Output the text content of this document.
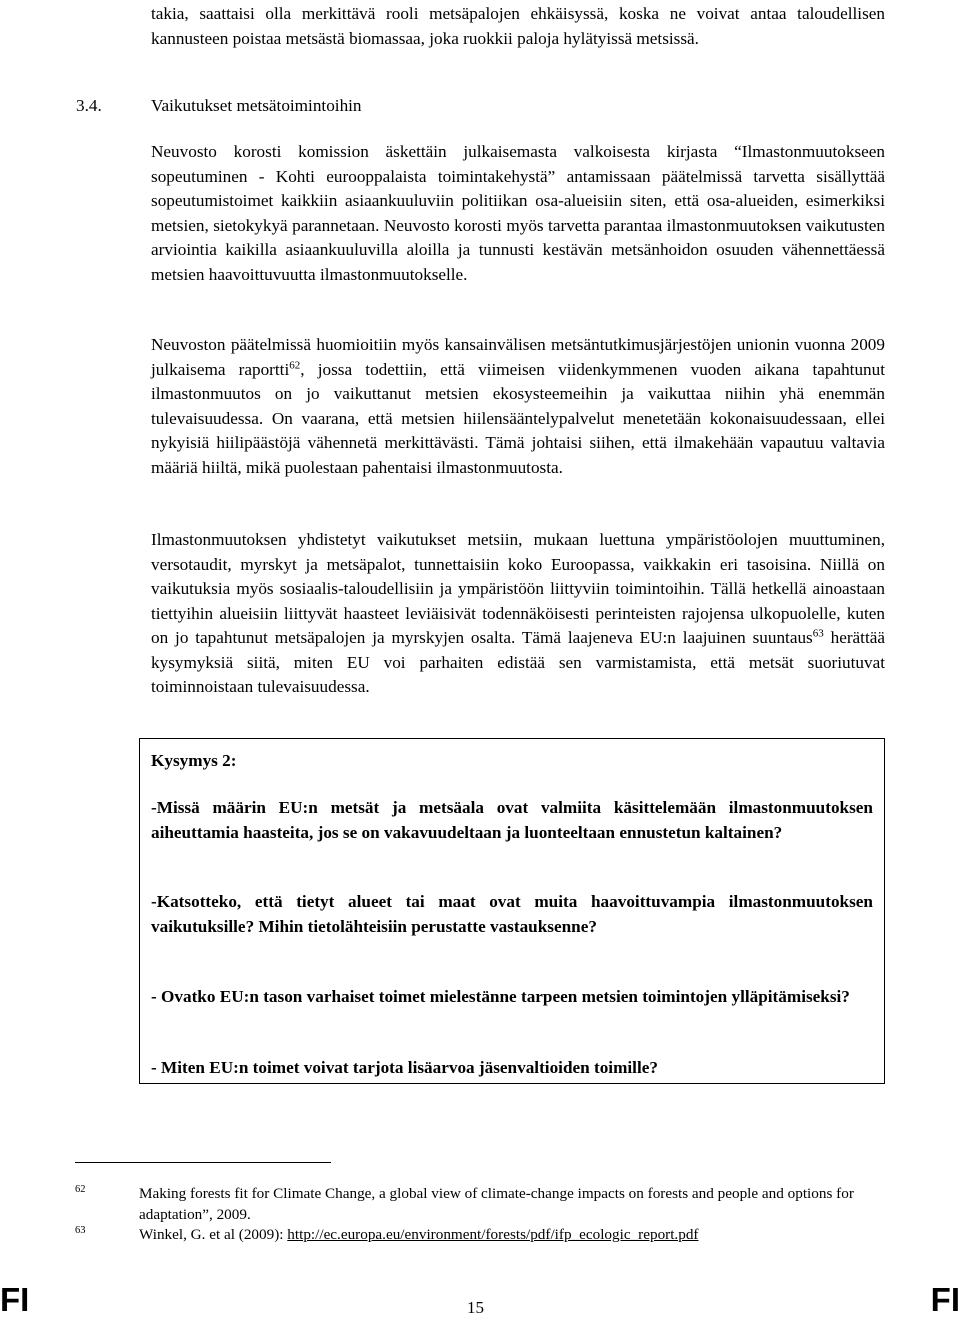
takia, saattaisi olla merkittävä rooli metsäpalojen ehkäisyssä, koska ne voivat antaa taloudellisen kannusteen poistaa metsästä biomassaa, joka ruokkii paloja hylätyissä metsissä.

3.4.	Vaikutukset metsätoimintoihin

Neuvosto korosti komission äskettäin julkaisemasta valkoisesta kirjasta “Ilmastonmuutokseen sopeutuminen - Kohti eurooppalaista toimintakehystä” antamissaan päätelmissä tarvetta sisällyttää sopeutumistoimet kaikkiin asiaankuuluviin politiikan osa-alueisiin siten, että osa-alueiden, esimerkiksi metsien, sietokykyä parannetaan. Neuvosto korosti myös tarvetta parantaa ilmastonmuutoksen vaikutusten arviointia kaikilla asiaankuuluvilla aloilla ja tunnusti kestävän metsänhoidon osuuden vähennettäessä metsien haavoittuvuutta ilmastonmuutokselle.

Neuvoston päätelmissä huomioitiin myös kansainvälisen metsäntutkimusjärjestöjen unionin vuonna 2009 julkaisema raportti$^{62}$, jossa todettiin, että viimeisen viidenkymmenen vuoden aikana tapahtunut ilmastonmuutos on jo vaikuttanut metsien ekosysteemeihin ja vaikuttaa niihin yhä enemmän tulevaisuudessa. On vaarana, että metsien hiilensääntelypalvelut menetetään kokonaisuudessaan, ellei nykyisiä hiilipäästöjä vähennetä merkittävästi. Tämä johtaisi siihen, että ilmakehään vapautuu valtavia määriä hiiltä, mikä puolestaan pahentaisi ilmastonmuutosta.

Ilmastonmuutoksen yhdistetyt vaikutukset metsiin, mukaan luettuna ympäristöolojen muuttuminen, versotaudit, myrskyt ja metsäpalot, tunnettaisiin koko Euroopassa, vaikkakin eri tasoisina. Niillä on vaikutuksia myös sosiaalis-taloudellisiin ja ympäristöön liittyviin toimintoihin. Tällä hetkellä ainoastaan tiettyihin alueisiin liittyvät haasteet leviäisivät todennäköisesti perinteisten rajojensa ulkopuolelle, kuten on jo tapahtunut metsäpalojen ja myrskyjen osalta. Tämä laajeneva EU:n laajuinen suuntaus$^{63}$ herättää kysymyksiä siitä, miten EU voi parhaiten edistää sen varmistamista, että metsät suoriutuvat toiminnoistaan tulevaisuudessa.

Kysymys 2:

-Missä määrin EU:n metsät ja metsäala ovat valmiita käsittelemään ilmastonmuutoksen aiheuttamia haasteita, jos se on vakavuudeltaan ja luonteeltaan ennustetun kaltainen?

-Katsotteko, että tietyt alueet tai maat ovat muita haavoittuvampia ilmastonmuutoksen vaikutuksille? Mihin tietolähteisiin perustatte vastauksenne?

- Ovatko EU:n tason varhaiset toimet mielestänne tarpeen metsien toimintojen ylläpitämiseksi?

- Miten EU:n toimet voivat tarjota lisäarvoa jäsenvaltioiden toimille?

62	Making forests fit for Climate Change, a global view of climate-change impacts on forests and people and options for adaptation”, 2009.
63	Winkel, G. et al (2009): http://ec.europa.eu/environment/forests/pdf/ifp_ecologic_report.pdf
FI	15	FI
